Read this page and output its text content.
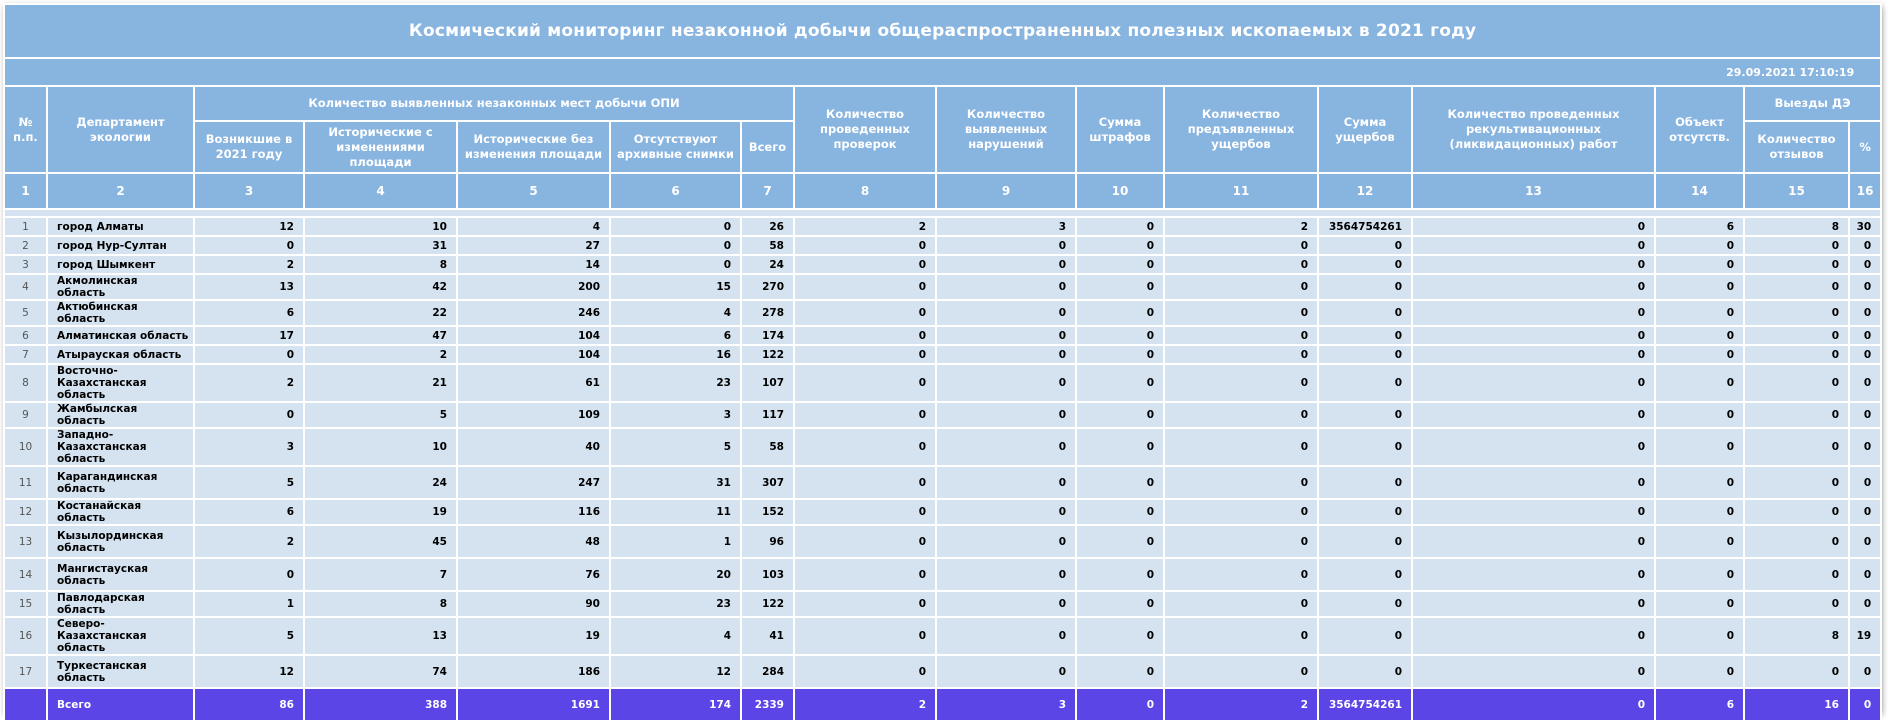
Космический мониторинг незаконной добычи общераспространенных полезных ископаемых в 2021 году															
29.09.2021 17:10:19															
№ п.п.	Департамент экологии	Количество выявленных незаконных мест добычи ОПИ					Количество проведенных проверок	Количество выявленных нарушений	Сумма штрафов	Количество предъявленных ущербов	Сумма ущербов	Количество проведенных рекультивационных (ликвидационных) работ	Объект отсутств.	Выезды ДЭ	
		Возникшие в 2021 году	Исторические с изменениями площади	Исторические без изменения площади	Отсутствуют архивные снимки	Всего								Количество отзывов	%
1	2	3	4	5	6	7	8	9	10	11	12	13	14	15	16

1	город Алматы	12	10	4	0	26	2	3	0	2	3564754261	0	6	8	30
2	город Нур-Султан	0	31	27	0	58	0	0	0	0	0	0	0	0	0
3	город Шымкент	2	8	14	0	24	0	0	0	0	0	0	0	0	0
4	Акмолинская область	13	42	200	15	270	0	0	0	0	0	0	0	0	0
5	Актюбинская область	6	22	246	4	278	0	0	0	0	0	0	0	0	0
6	Алматинская область	17	47	104	6	174	0	0	0	0	0	0	0	0	0
7	Атырауская область	0	2	104	16	122	0	0	0	0	0	0	0	0	0
8	Восточно-Казахстанская область	2	21	61	23	107	0	0	0	0	0	0	0	0	0
9	Жамбылская область	0	5	109	3	117	0	0	0	0	0	0	0	0	0
10	Западно-Казахстанская область	3	10	40	5	58	0	0	0	0	0	0	0	0	0
11	Карагандинская область	5	24	247	31	307	0	0	0	0	0	0	0	0	0
12	Костанайская область	6	19	116	11	152	0	0	0	0	0	0	0	0	0
13	Кызылординская область	2	45	48	1	96	0	0	0	0	0	0	0	0	0
14	Мангистауская область	0	7	76	20	103	0	0	0	0	0	0	0	0	0
15	Павлодарская область	1	8	90	23	122	0	0	0	0	0	0	0	0	0
16	Северо-Казахстанская область	5	13	19	4	41	0	0	0	0	0	0	0	8	19
17	Туркестанская область	12	74	186	12	284	0	0	0	0	0	0	0	0	0
	Всего	86	388	1691	174	2339	2	3	0	2	3564754261	0	6	16	0
